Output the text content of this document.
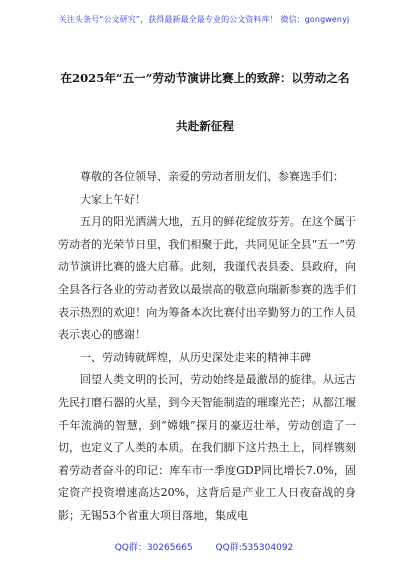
关注头条号“公文研究”，获得最新最全最专业的公文资料库！ 微信：gongwenyj
在2025年“五一”劳动节演讲比赛上的致辞：以劳动之名
共赴新征程

尊敬的各位领导、亲爱的劳动者朋友们、参赛选手们：

大家上午好！

五月的阳光洒满大地，五月的鲜花绽放芬芳。在这个属于劳动者的光荣节日里，我们相聚于此，共同见证全县“五一”劳动节演讲比赛的盛大启幕。此刻，我谨代表县委、县政府，向全县各行各业的劳动者致以最崇高的敬意向瑞新参赛的选手们表示热烈的欢迎！向为筹备本次比赛付出辛勤努力的工作人员表示衷心的感谢！

一、劳动铸就辉煌，从历史深处走来的精神丰碑

回望人类文明的长河，劳动始终是最激昂的旋律。从远古先民打磨石器的火星，到今天智能制造的璀璨光芒；从都江堰千年流淌的智慧，到“嫦娥”探月的豪迈壮举，劳动创造了一切，也定义了人类的本质。在我们脚下这片热土上，同样镌刻着劳动者奋斗的印记：库车市一季度GDP同比增长7.0%，固定资产投资增速高达20%，这背后是产业工人日夜奋战的身影；无锡53个省重大项目落地，集成电

QQ群：30265665	QQ群:535304092
